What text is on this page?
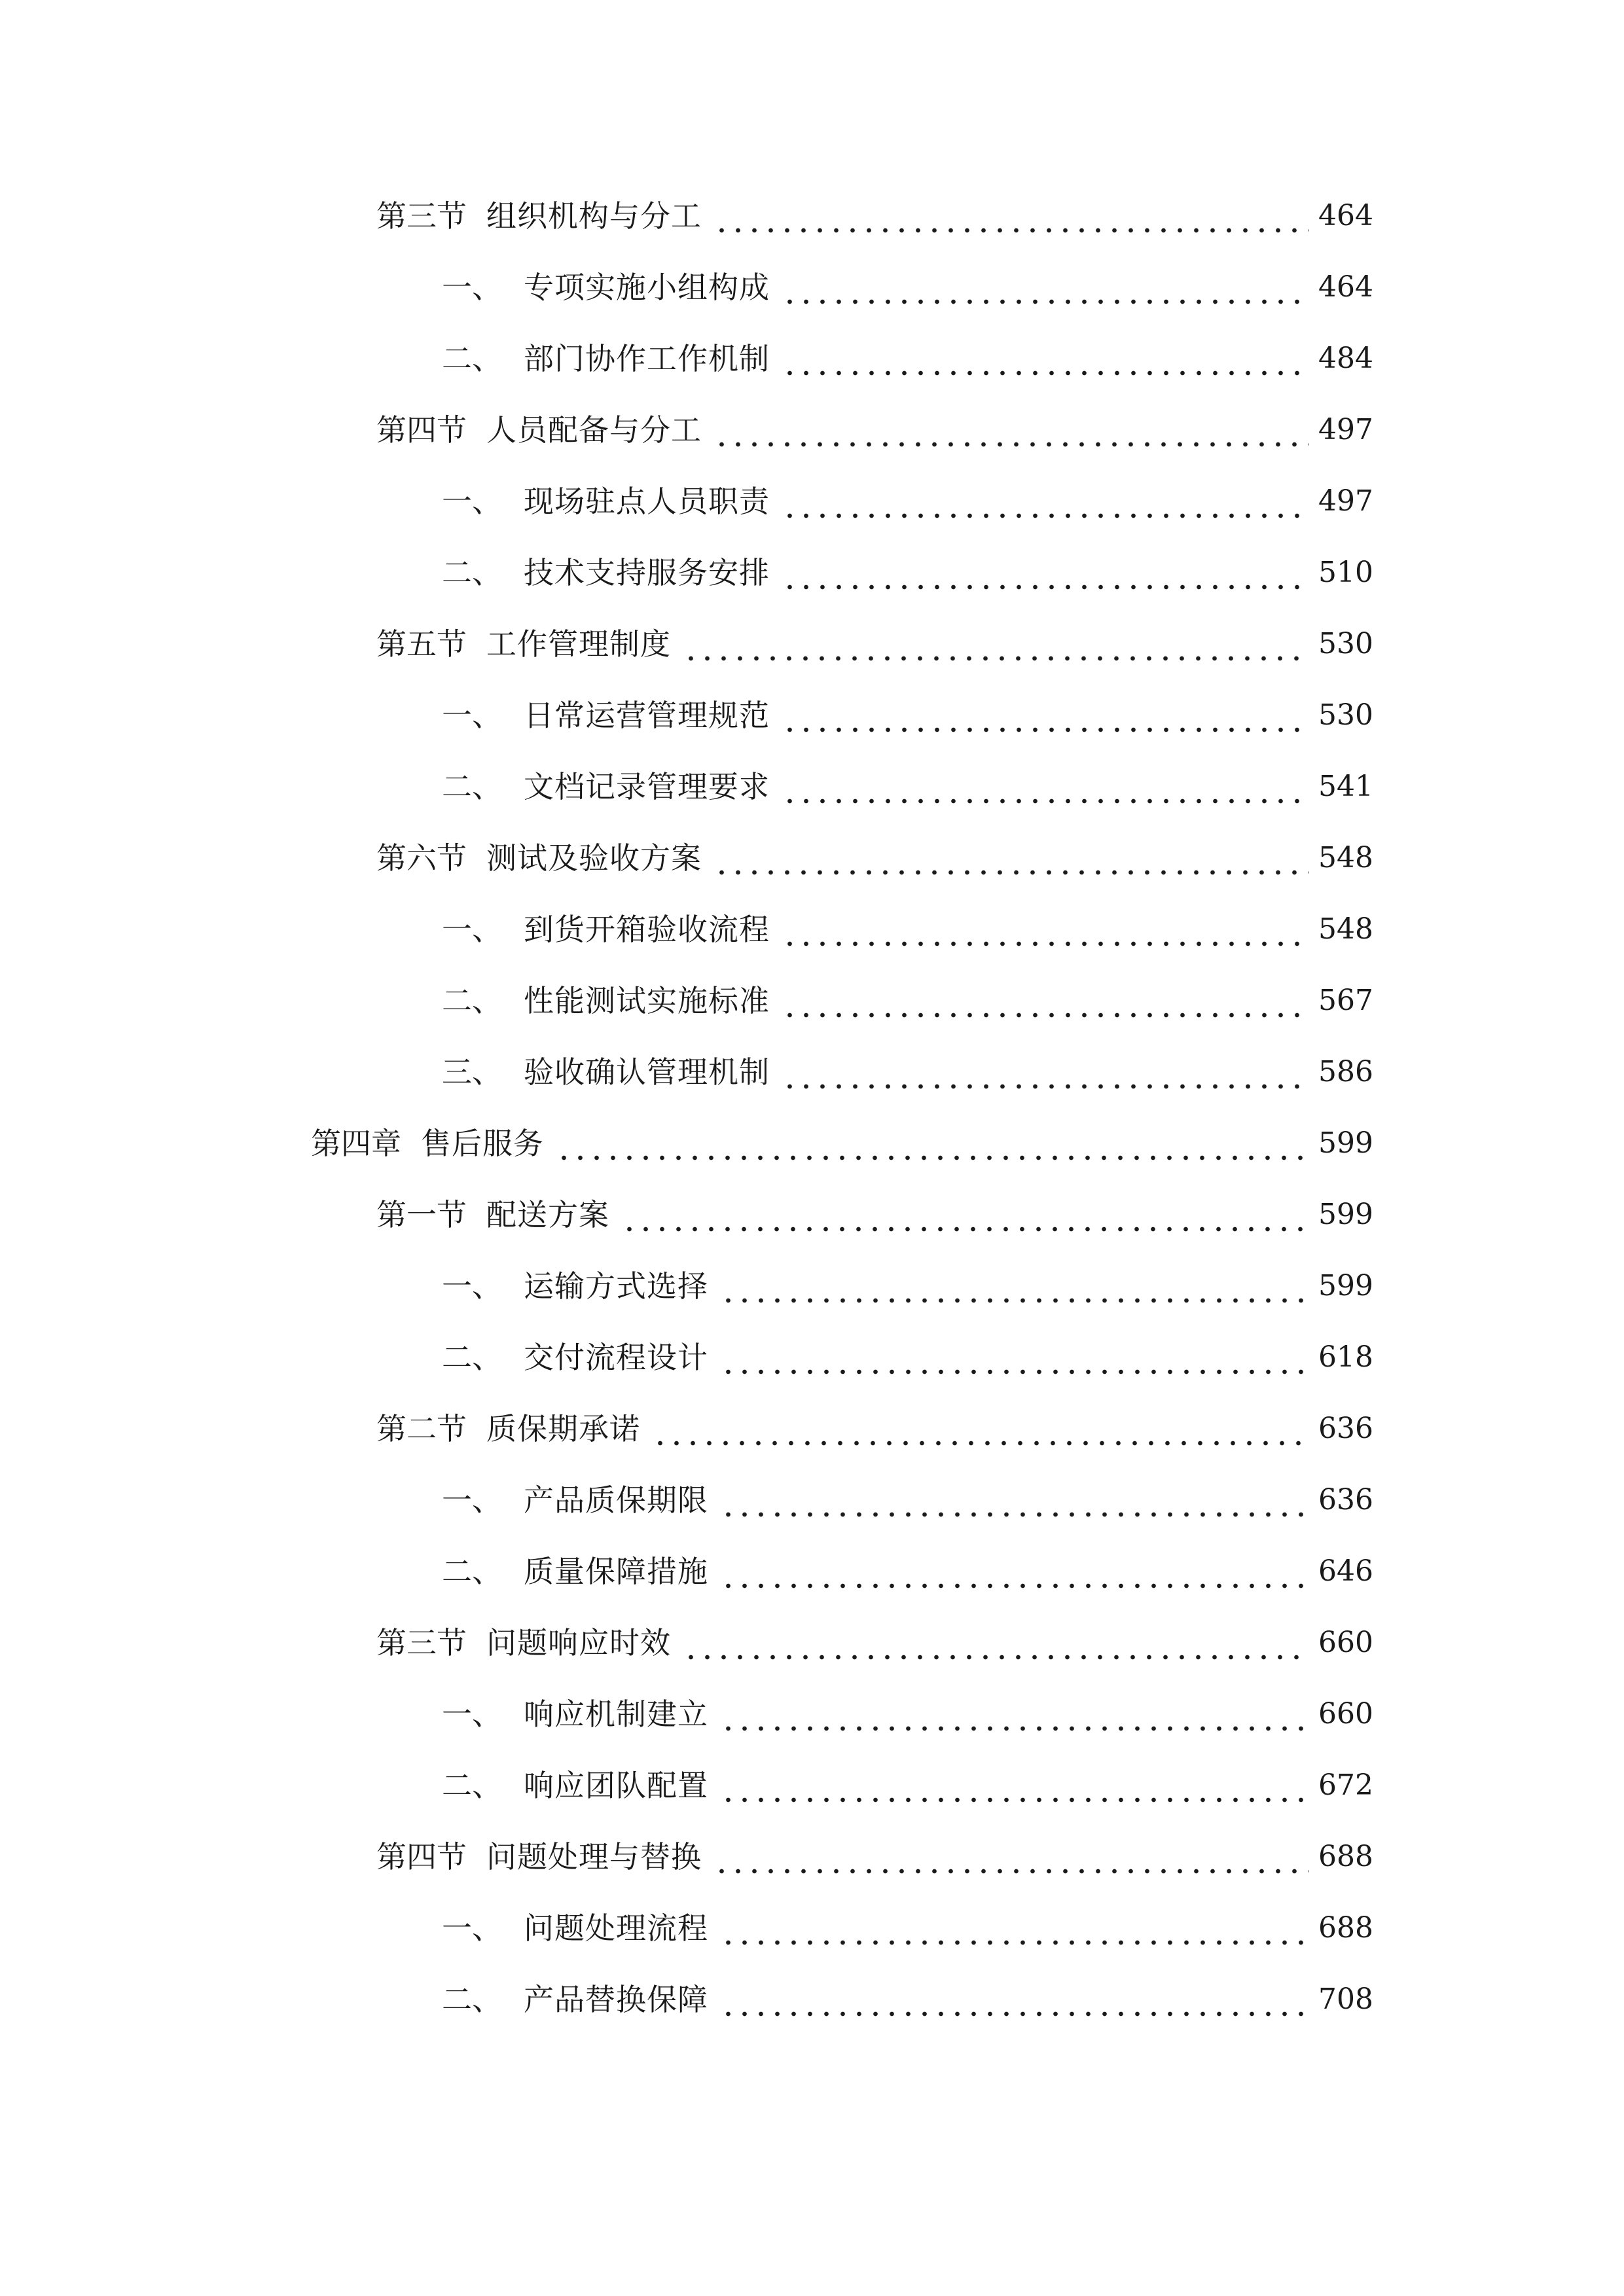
第三节 组织机构与分工	464
一、 专项实施小组构成	464
二、 部门协作工作机制	484
第四节 人员配备与分工	497
一、 现场驻点人员职责	497
二、 技术支持服务安排	510
第五节 工作管理制度	530
一、 日常运营管理规范	530
二、 文档记录管理要求	541
第六节 测试及验收方案	548
一、 到货开箱验收流程	548
二、 性能测试实施标准	567
三、 验收确认管理机制	586
第四章 售后服务	599
第一节 配送方案	599
一、 运输方式选择	599
二、 交付流程设计	618
第二节 质保期承诺	636
一、 产品质保期限	636
二、 质量保障措施	646
第三节 问题响应时效	660
一、 响应机制建立	660
二、 响应团队配置	672
第四节 问题处理与替换	688
一、 问题处理流程	688
二、 产品替换保障	708
